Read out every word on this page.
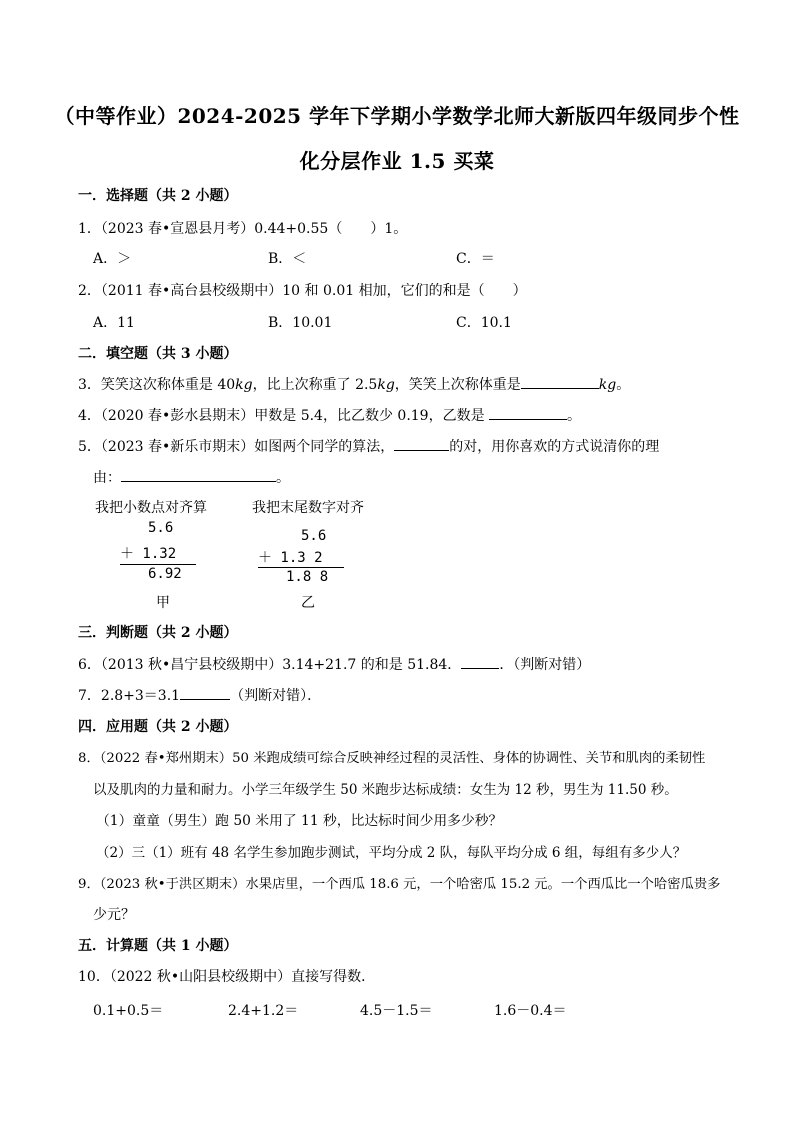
（中等作业）2024-2025 学年下学期小学数学北师大新版四年级同步个性
化分层作业 1.5 买菜
一．选择题（共 2 小题）
1．（2023 春•宣恩县月考）0.44+0.55（　　）1。
A．＞	B．＜	C．＝
2．（2011 春•高台县校级期中）10 和 0.01 相加，它们的和是（　　）
A．11	B．10.01	C．10.1
二．填空题（共 3 小题）
3．笑笑这次称体重是 40kg，比上次称重了 2.5kg，笑笑上次称体重是	kg。
4．（2020 春•彭水县期末）甲数是 5.4，比乙数少 0.19，乙数是	。
5．（2023 春•新乐市期末）如图两个同学的算法，	的对，用你喜欢的方式说清你的理
由：	。
我把小数点对齐算	我把末尾数字对齐
5.6
＋ 1.32
6.92
甲
5.6
＋ 1.3 2
1.8 8
乙
三．判断题（共 2 小题）
6．（2013 秋•昌宁县校级期中）3.14+21.7 的和是 51.84．	．（判断对错）
7．2.8+3＝3.1	（判断对错）．
四．应用题（共 2 小题）
8．（2022 春•郑州期末）50 米跑成绩可综合反映神经过程的灵活性、身体的协调性、关节和肌肉的柔韧性
以及肌肉的力量和耐力。小学三年级学生 50 米跑步达标成绩：女生为 12 秒，男生为 11.50 秒。
（1）童童（男生）跑 50 米用了 11 秒，比达标时间少用多少秒？
（2）三（1）班有 48 名学生参加跑步测试，平均分成 2 队，每队平均分成 6 组，每组有多少人？
9．（2023 秋•于洪区期末）水果店里，一个西瓜 18.6 元，一个哈密瓜 15.2 元。一个西瓜比一个哈密瓜贵多
少元？
五．计算题（共 1 小题）
10．（2022 秋•山阳县校级期中）直接写得数．
0.1+0.5＝	2.4+1.2＝	4.5－1.5＝	1.6－0.4＝
